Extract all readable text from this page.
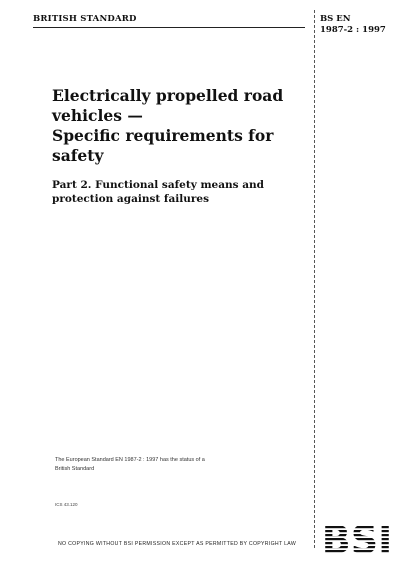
BRITISH STANDARD	BS EN
1987-2 : 1997
Electrically propelled road vehicles —
Specific requirements for safety
Part 2. Functional safety means and
protection against failures
The European Standard EN 1987-2 : 1997 has the status of a
British Standard
ICS 43.120
NO COPYING WITHOUT BSI PERMISSION EXCEPT AS PERMITTED BY COPYRIGHT LAW BSI
